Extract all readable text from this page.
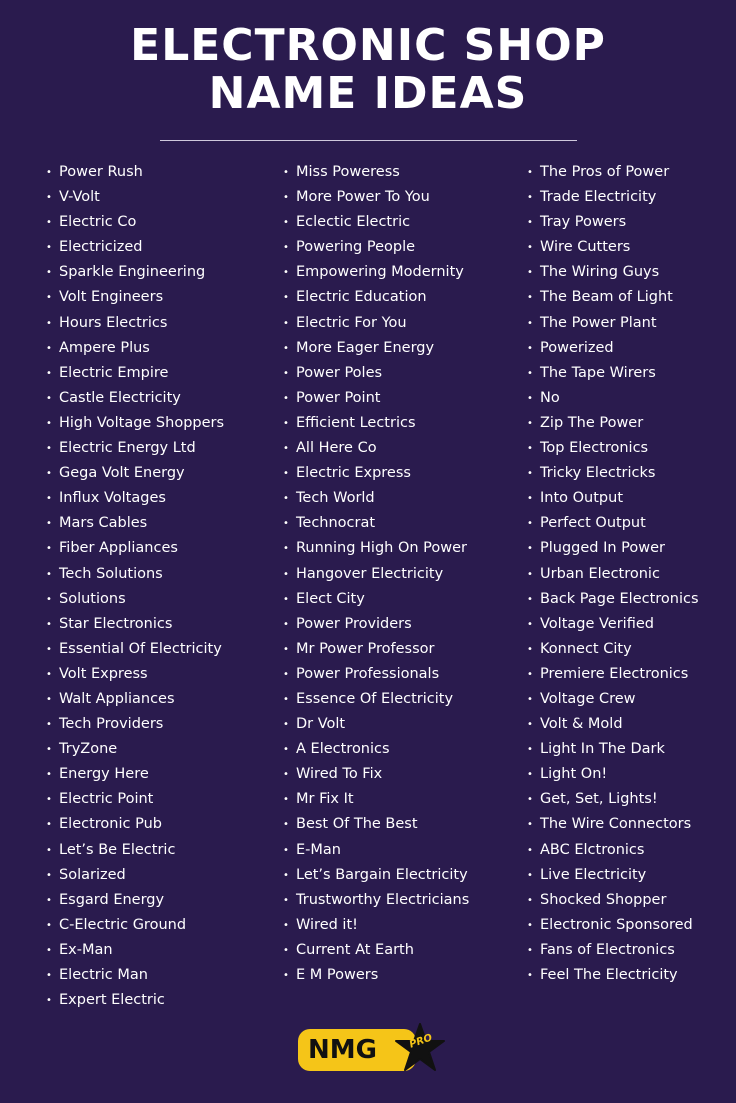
ELECTRONIC SHOP
NAME IDEAS
• Power Rush
• V-Volt
• Electric Co
• Electricized
• Sparkle Engineering
• Volt Engineers
• Hours Electrics
• Ampere Plus
• Electric Empire
• Castle Electricity
• High Voltage Shoppers
• Electric Energy Ltd
• Gega Volt Energy
• Influx Voltages
• Mars Cables
• Fiber Appliances
• Tech Solutions
• Solutions
• Star Electronics
• Essential Of Electricity
• Volt Express
• Walt Appliances
• Tech Providers
• TryZone
• Energy Here
• Electric Point
• Electronic Pub
• Let’s Be Electric
• Solarized
• Esgard Energy
• C-Electric Ground
• Ex-Man
• Electric Man
• Expert Electric
• Miss Poweress
• More Power To You
• Eclectic Electric
• Powering People
• Empowering Modernity
• Electric Education
• Electric For You
• More Eager Energy
• Power Poles
• Power Point
• Efficient Lectrics
• All Here Co
• Electric Express
• Tech World
• Technocrat
• Running High On Power
• Hangover Electricity
• Elect City
• Power Providers
• Mr Power Professor
• Power Professionals
• Essence Of Electricity
• Dr Volt
• A Electronics
• Wired To Fix
• Mr Fix It
• Best Of The Best
• E-Man
• Let’s Bargain Electricity
• Trustworthy Electricians
• Wired it!
• Current At Earth
• E M Powers
• The Pros of Power
• Trade Electricity
• Tray Powers
• Wire Cutters
• The Wiring Guys
• The Beam of Light
• The Power Plant
• Powerized
• The Tape Wirers
• No
• Zip The Power
• Top Electronics
• Tricky Electricks
• Into Output
• Perfect Output
• Plugged In Power
• Urban Electronic
• Back Page Electronics
• Voltage Verified
• Konnect City
• Premiere Electronics
• Voltage Crew
• Volt & Mold
• Light In The Dark
• Light On!
• Get, Set, Lights!
• The Wire Connectors
• ABC Elctronics
• Live Electricity
• Shocked Shopper
• Electronic Sponsored
• Fans of Electronics
• Feel The Electricity
NMG	PRO
